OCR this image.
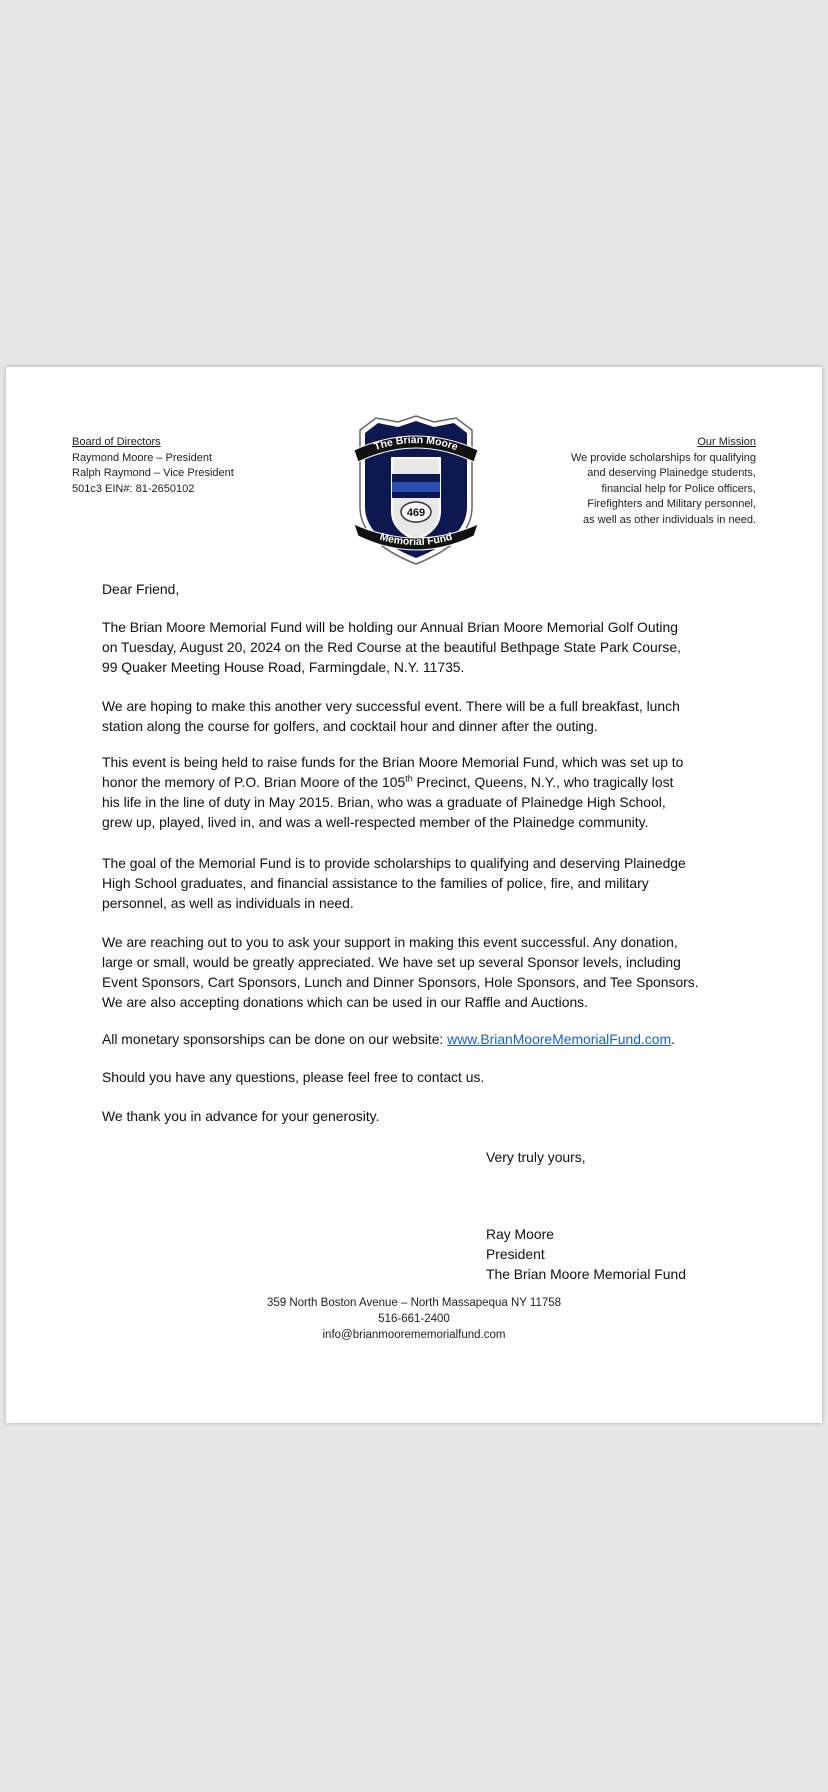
Board of Directors
Raymond Moore – President
Ralph Raymond – Vice President
501c3 EIN#: 81-2650102
Our Mission
We provide scholarships for qualifying
and deserving Plainedge students,
financial help for Police officers,
Firefighters and Military personnel,
as well as other individuals in need.
469
The Brian Moore
Memorial Fund
Dear Friend,
The Brian Moore Memorial Fund will be holding our Annual Brian Moore Memorial Golf Outing
on Tuesday, August 20, 2024 on the Red Course at the beautiful Bethpage State Park Course,
99 Quaker Meeting House Road, Farmingdale, N.Y. 11735.
We are hoping to make this another very successful event. There will be a full breakfast, lunch
station along the course for golfers, and cocktail hour and dinner after the outing.
This event is being held to raise funds for the Brian Moore Memorial Fund, which was set up to
honor the memory of P.O. Brian Moore of the 105th Precinct, Queens, N.Y., who tragically lost
his life in the line of duty in May 2015. Brian, who was a graduate of Plainedge High School,
grew up, played, lived in, and was a well-respected member of the Plainedge community.
The goal of the Memorial Fund is to provide scholarships to qualifying and deserving Plainedge
High School graduates, and financial assistance to the families of police, fire, and military
personnel, as well as individuals in need.
We are reaching out to you to ask your support in making this event successful. Any donation,
large or small, would be greatly appreciated. We have set up several Sponsor levels, including
Event Sponsors, Cart Sponsors, Lunch and Dinner Sponsors, Hole Sponsors, and Tee Sponsors.
We are also accepting donations which can be used in our Raffle and Auctions.
All monetary sponsorships can be done on our website: www.BrianMooreMemorialFund.com.
Should you have any questions, please feel free to contact us.
We thank you in advance for your generosity.
Very truly yours,
Ray Moore
President
The Brian Moore Memorial Fund
359 North Boston Avenue – North Massapequa NY 11758
516-661-2400
info@brianmoorememorialfund.com
